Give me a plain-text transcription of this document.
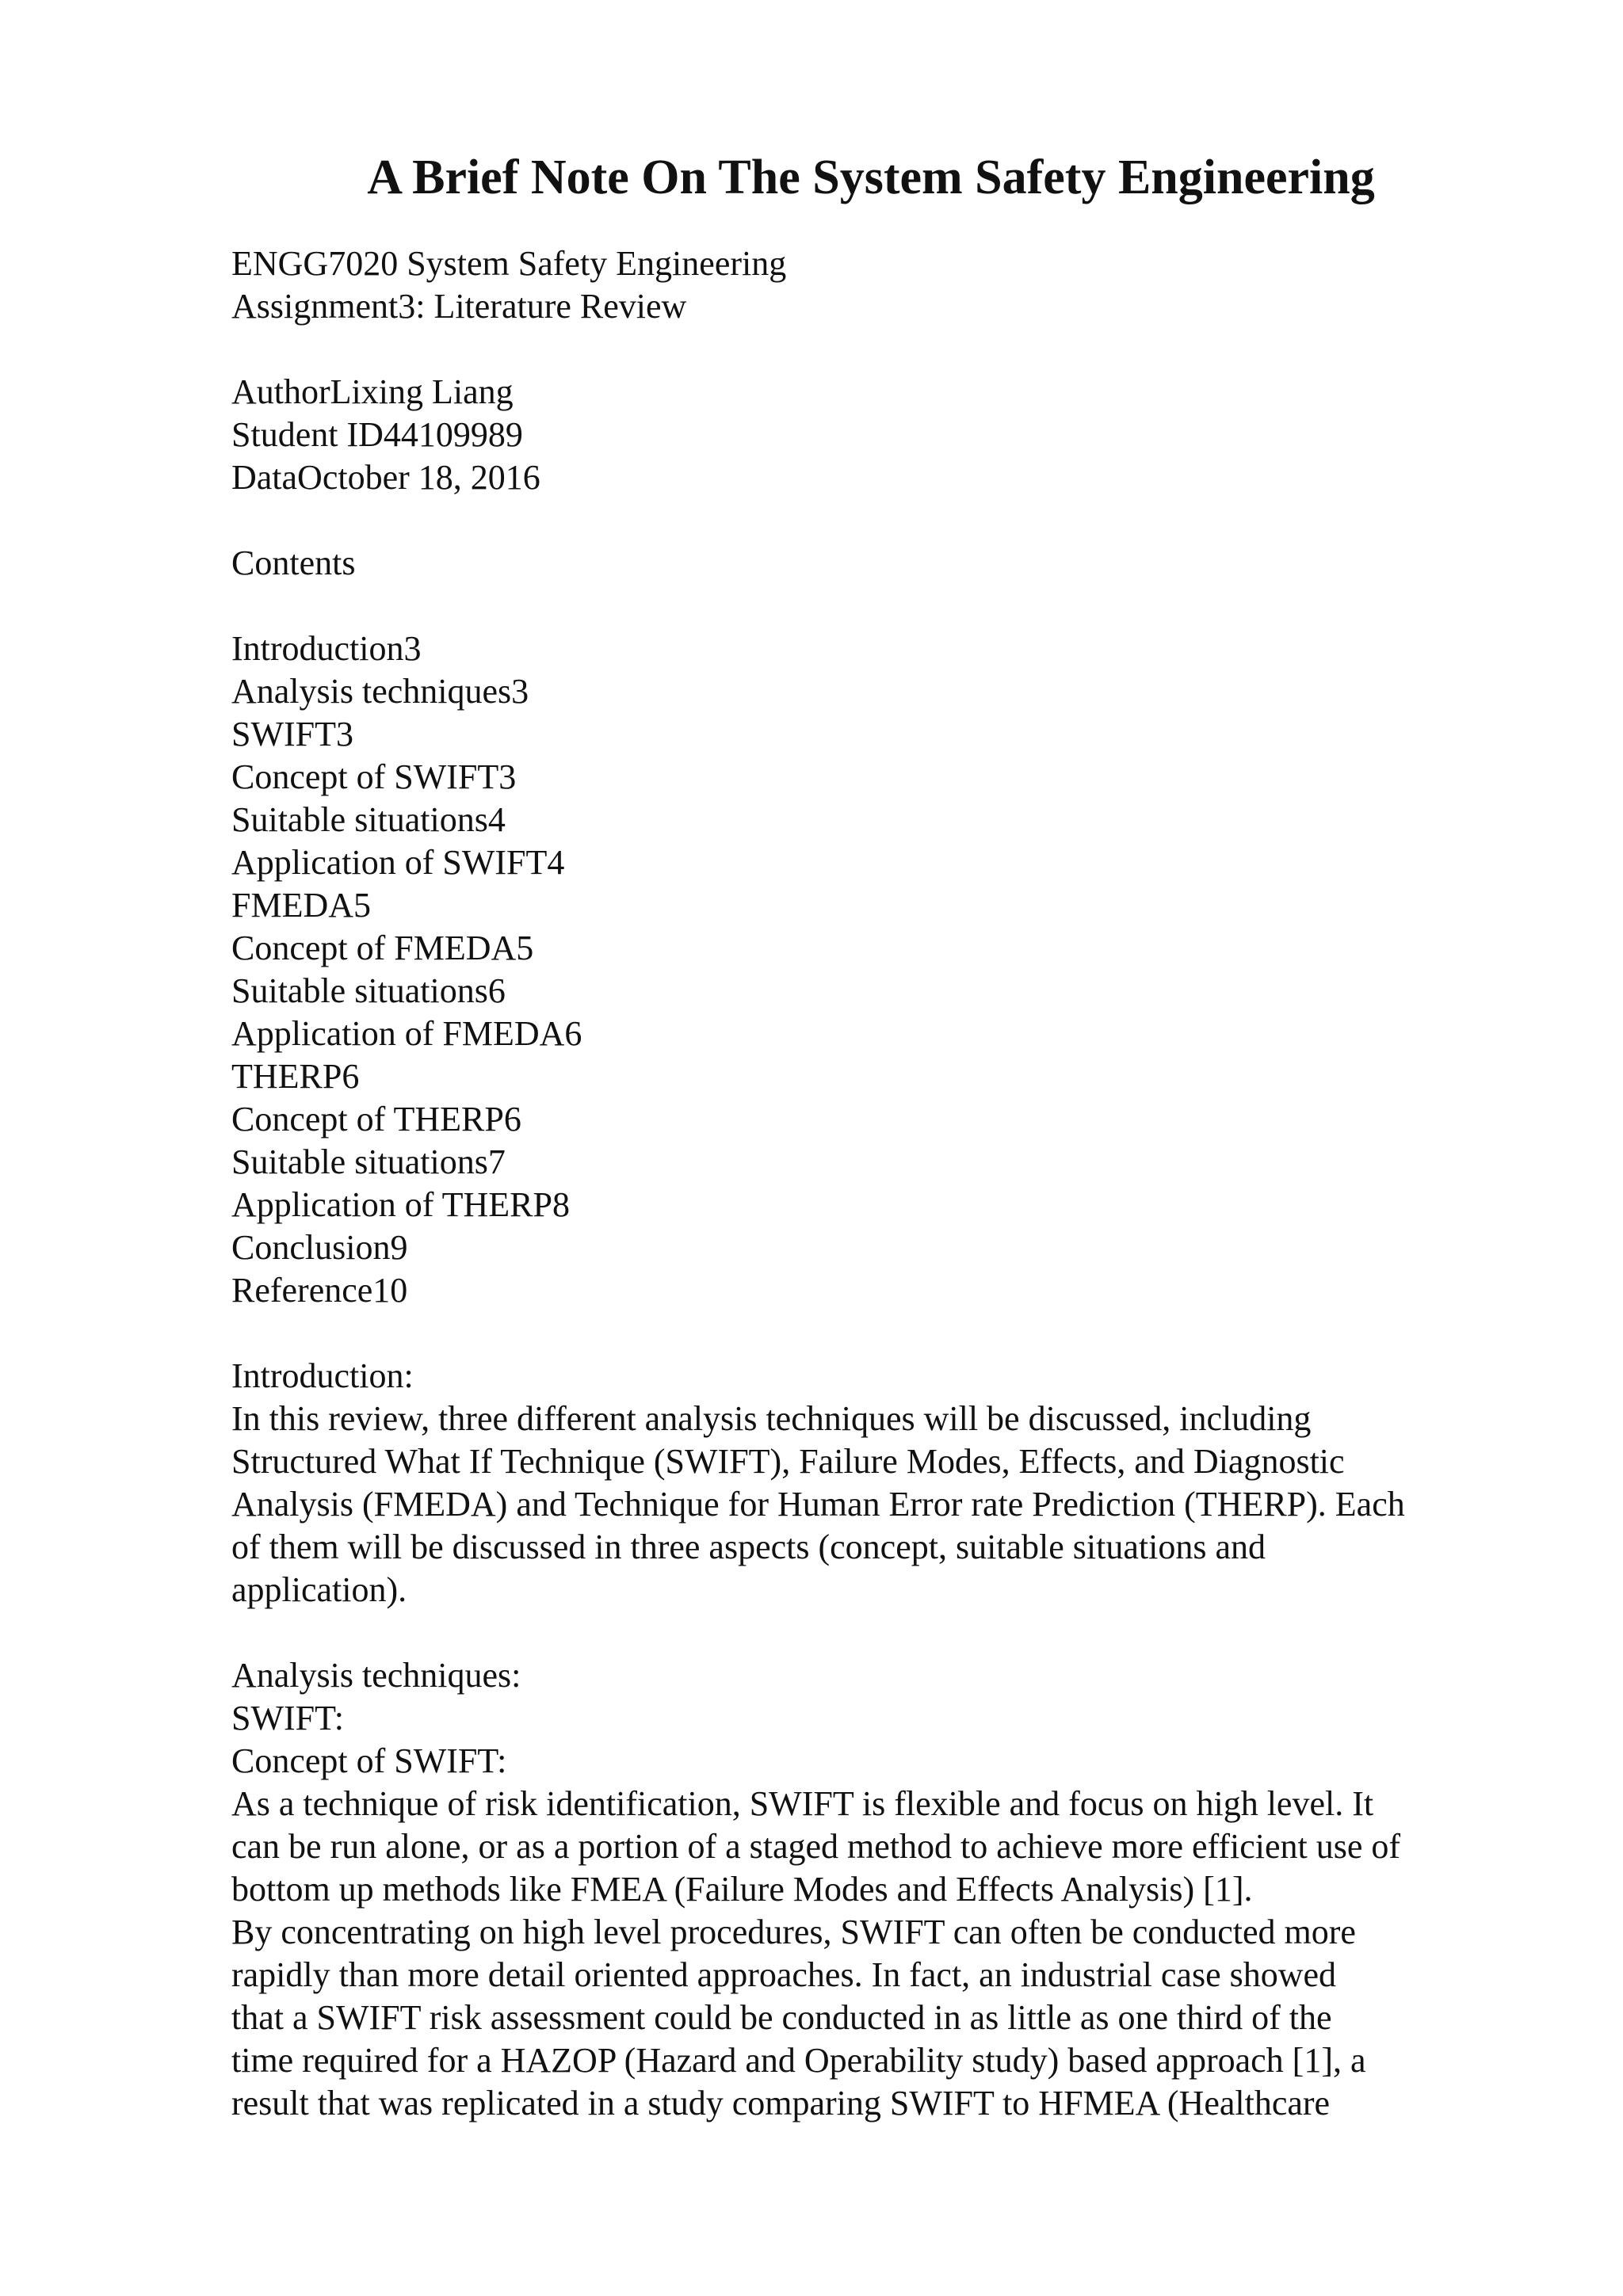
A Brief Note On The System Safety Engineering
ENGG7020 System Safety Engineering
Assignment3: Literature Review
AuthorLixing Liang
Student ID44109989
DataOctober 18, 2016
Contents
Introduction3
Analysis techniques3
SWIFT3
Concept of SWIFT3
Suitable situations4
Application of SWIFT4
FMEDA5
Concept of FMEDA5
Suitable situations6
Application of FMEDA6
THERP6
Concept of THERP6
Suitable situations7
Application of THERP8
Conclusion9
Reference10
Introduction:
In this review, three different analysis techniques will be discussed, including
Structured What If Technique (SWIFT), Failure Modes, Effects, and Diagnostic
Analysis (FMEDA) and Technique for Human Error rate Prediction (THERP). Each
of them will be discussed in three aspects (concept, suitable situations and
application).
Analysis techniques:
SWIFT:
Concept of SWIFT:
As a technique of risk identification, SWIFT is flexible and focus on high level. It
can be run alone, or as a portion of a staged method to achieve more efficient use of
bottom up methods like FMEA (Failure Modes and Effects Analysis) [1].
By concentrating on high level procedures, SWIFT can often be conducted more
rapidly than more detail oriented approaches. In fact, an industrial case showed
that a SWIFT risk assessment could be conducted in as little as one third of the
time required for a HAZOP (Hazard and Operability study) based approach [1], a
result that was replicated in a study comparing SWIFT to HFMEA (Healthcare
